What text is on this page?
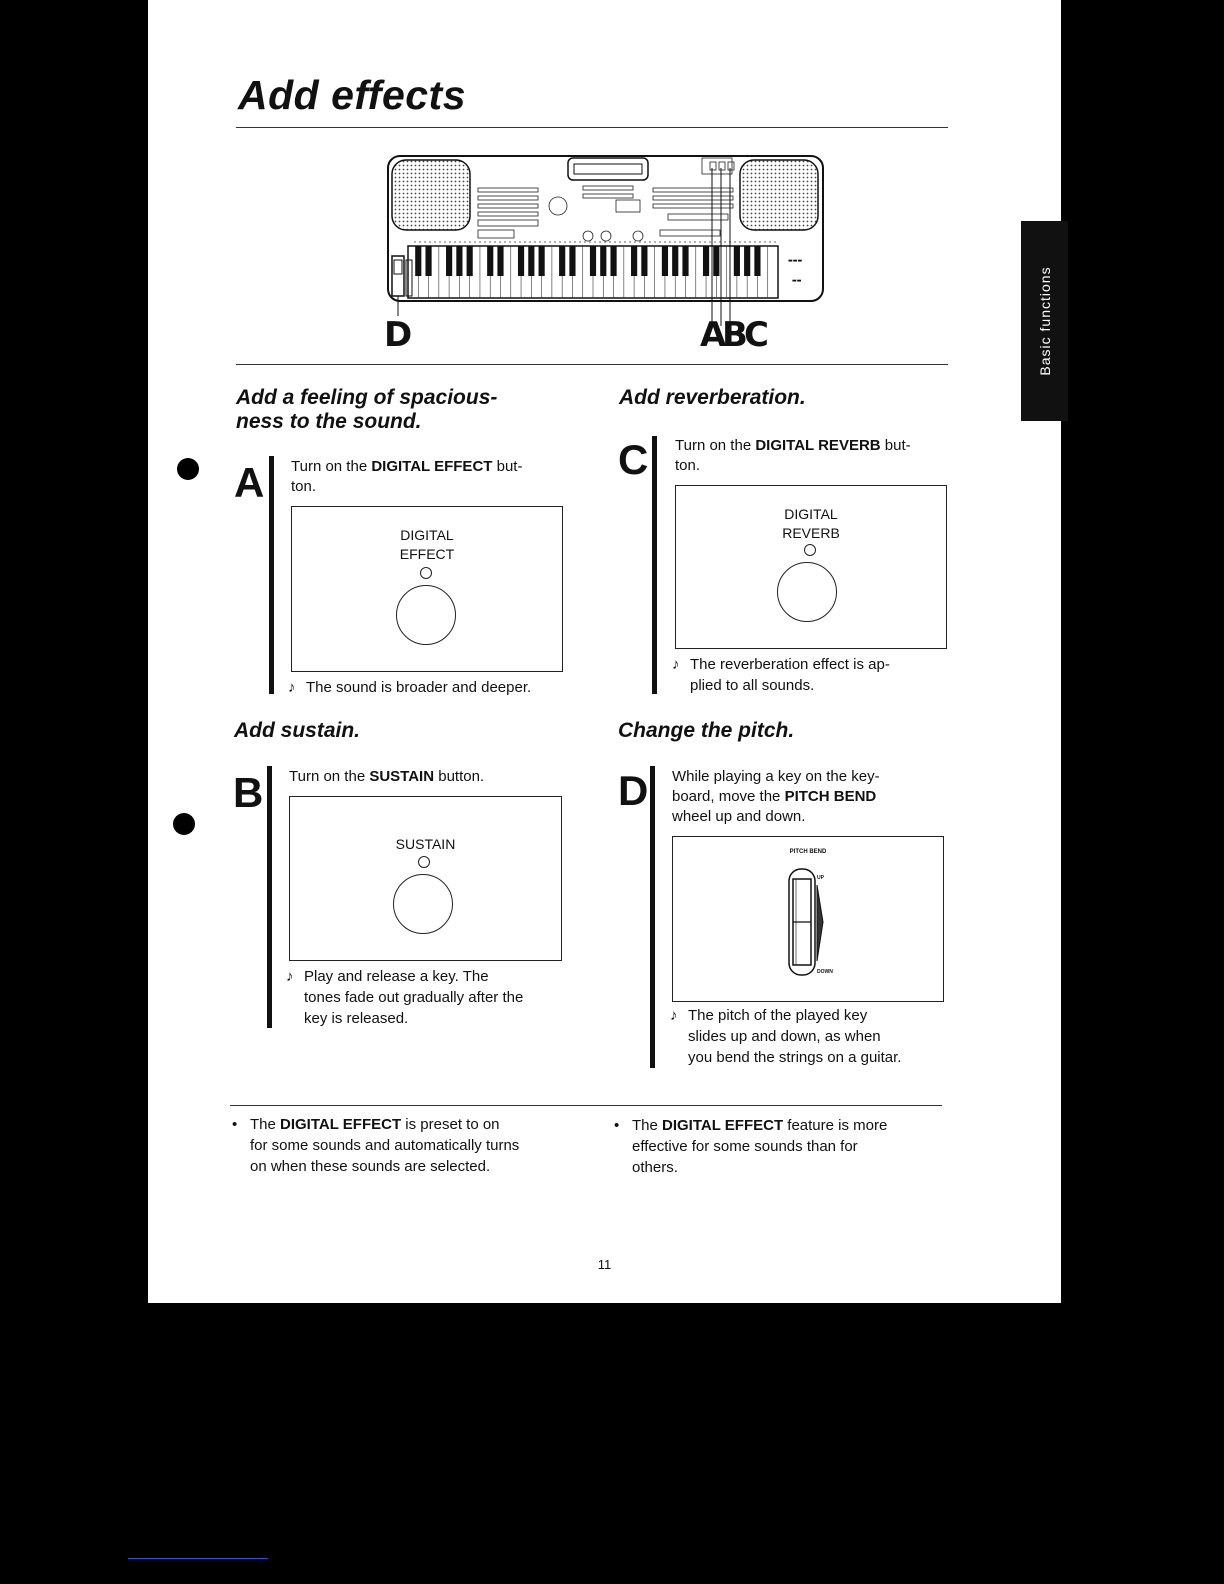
Add effects
D	A
B
C
▬▬▬
▬▬
Add a feeling of spacious-
ness to the sound.
A Turn on the DIGITAL EFFECT but-
ton.
DIGITAL
EFFECT
♪ The sound is broader and deeper.
Add reverberation.
C Turn on the DIGITAL REVERB but-
ton.
DIGITAL
REVERB
♪ The reverberation effect is ap-
plied to all sounds.
Add sustain.
B Turn on the SUSTAIN button.
SUSTAIN
♪ Play and release a key. The
tones fade out gradually after the
key is released.
Change the pitch.
D While playing a key on the key-
board, move the PITCH BEND
wheel up and down.
PITCH BEND
UP
DOWN
♪ The pitch of the played key
slides up and down, as when
you bend the strings on a guitar.
• The DIGITAL EFFECT is preset to on
for some sounds and automatically turns
on when these sounds are selected.
• The DIGITAL EFFECT feature is more
effective for some sounds than for
others.
11
Basic functions
